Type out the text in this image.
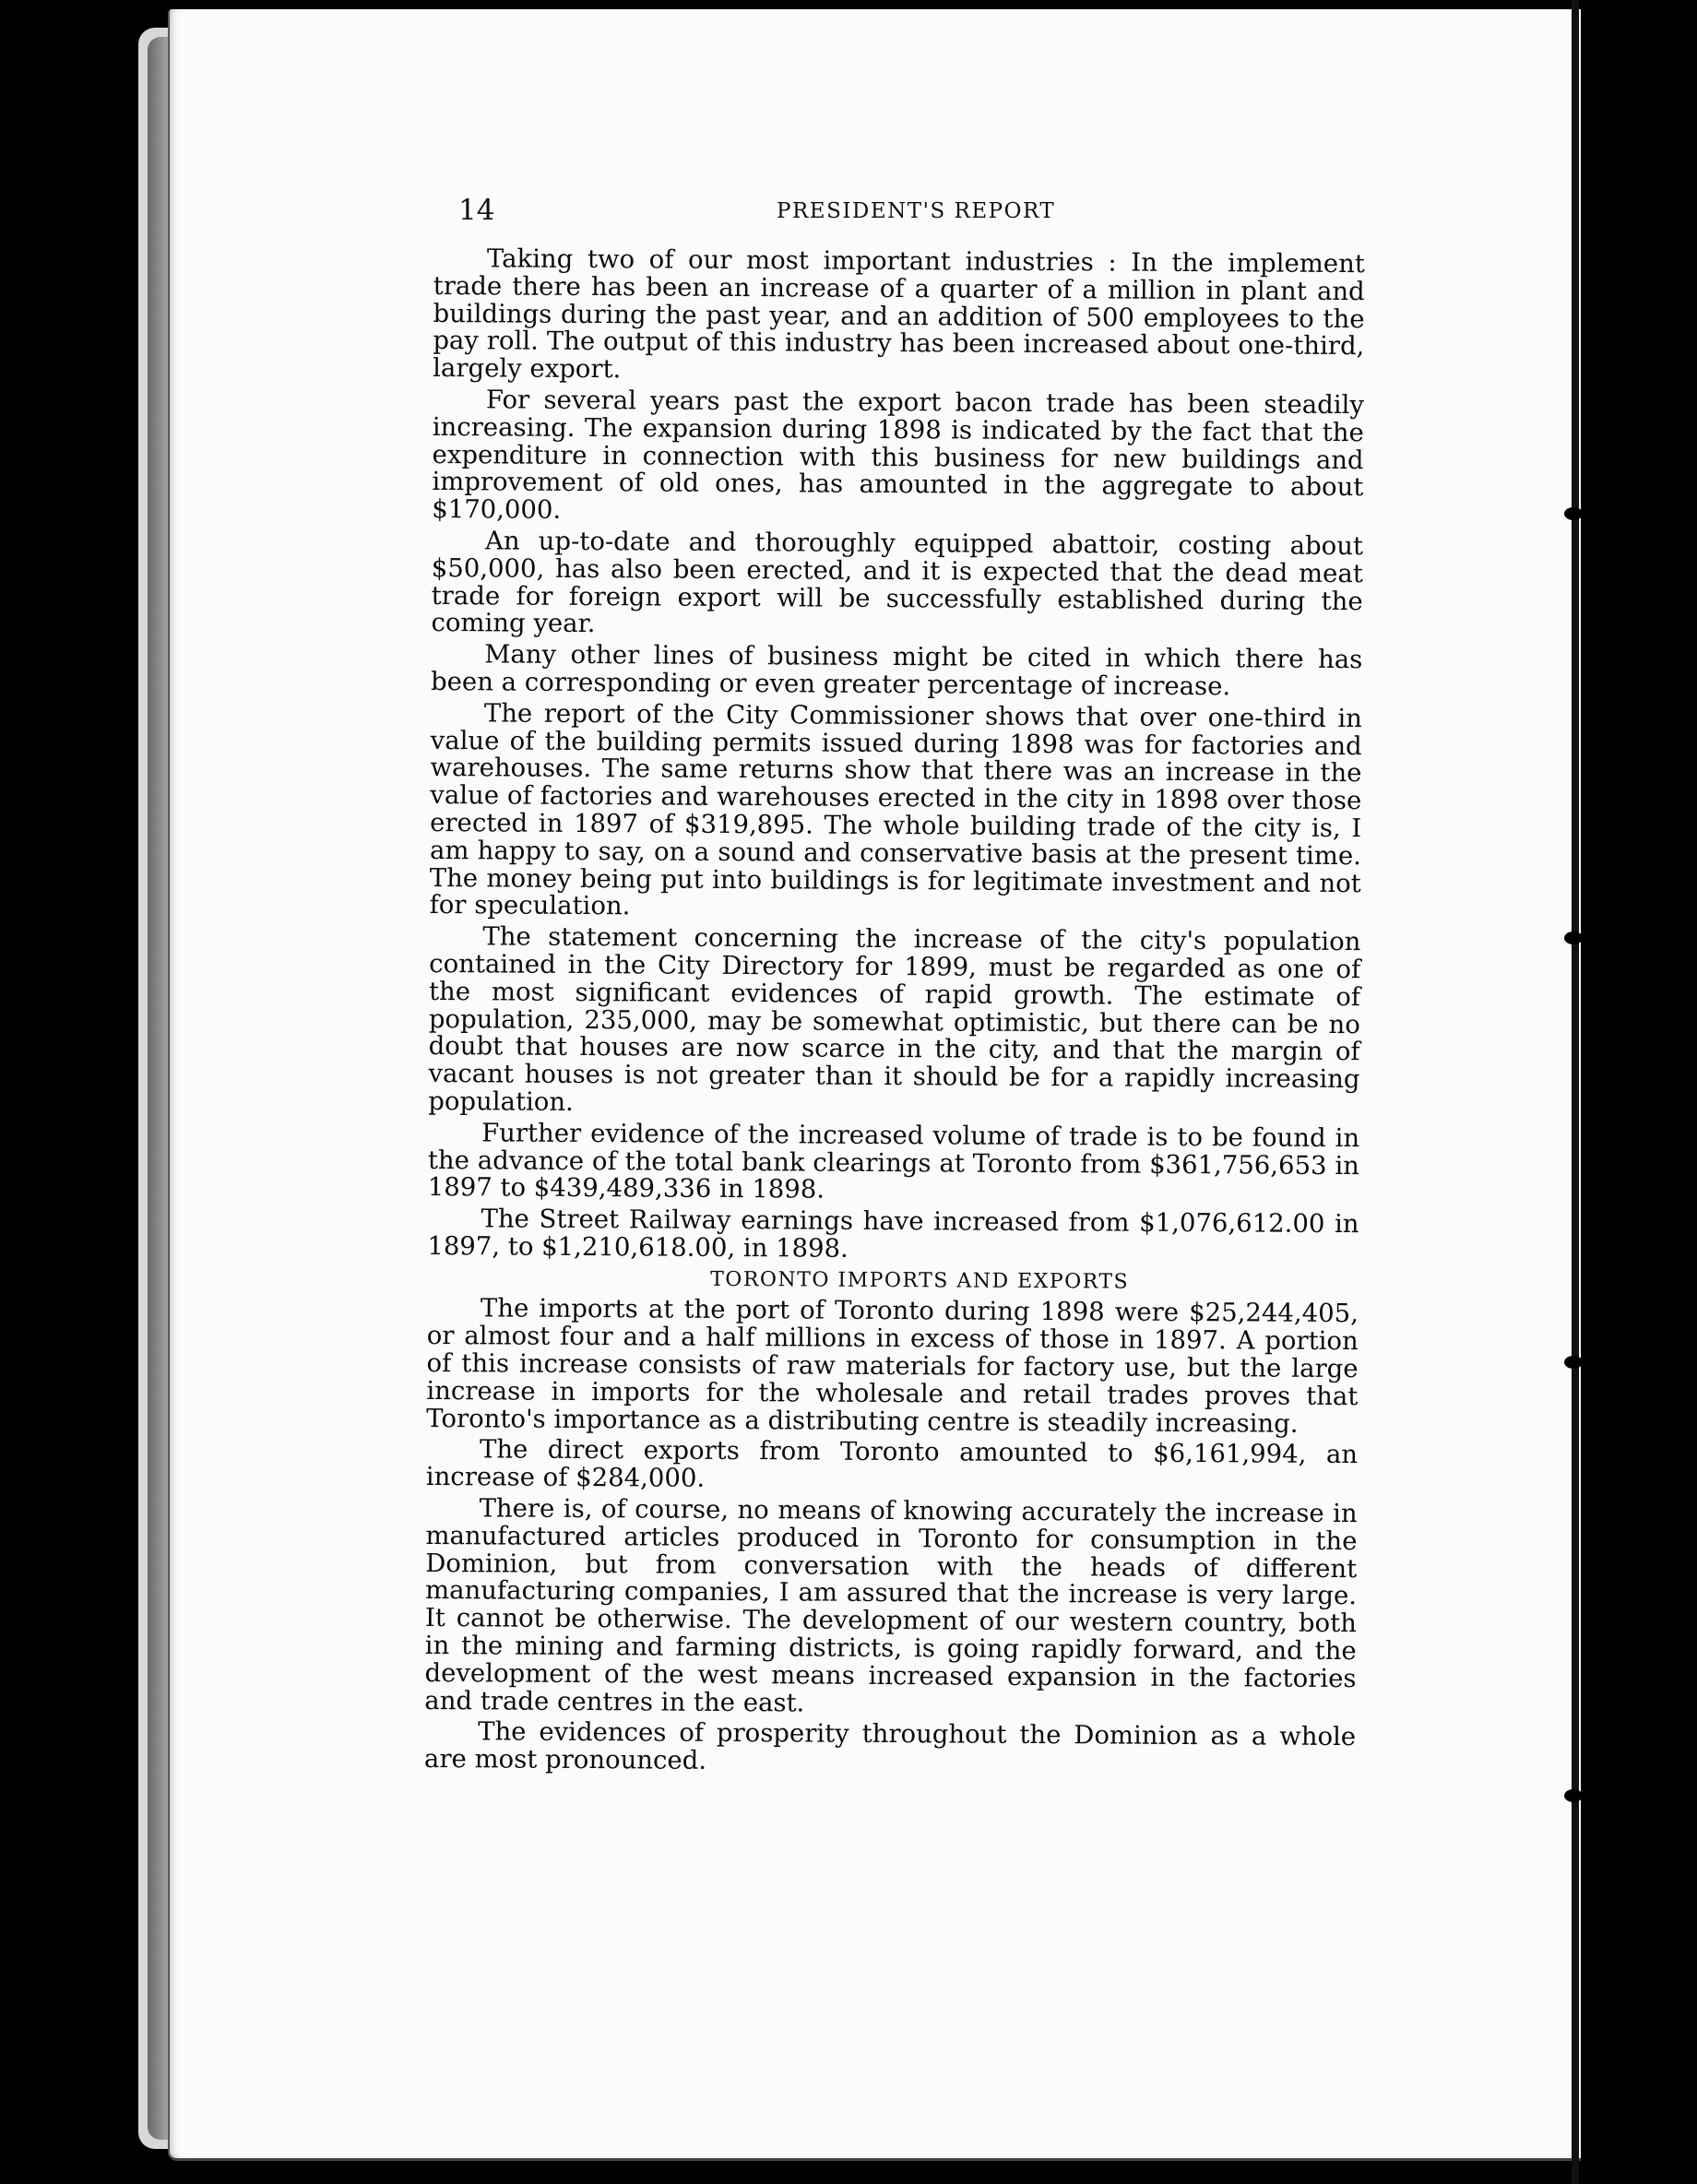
14	PRESIDENT'S REPORT

Taking two of our most important industries : In the implement trade there has been an increase of a quarter of a million in plant and buildings during the past year, and an addition of 500 employees to the pay roll. The output of this industry has been increased about one-third, largely export.

For several years past the export bacon trade has been steadily increasing. The expansion during 1898 is indicated by the fact that the expenditure in connection with this business for new buildings and improvement of old ones, has amounted in the aggregate to about $170,000.

An up-to-date and thoroughly equipped abattoir, costing about $50,000, has also been erected, and it is expected that the dead meat trade for foreign export will be successfully established during the coming year.

Many other lines of business might be cited in which there has been a corresponding or even greater percentage of increase.

The report of the City Commissioner shows that over one-third in value of the building permits issued during 1898 was for factories and warehouses. The same returns show that there was an increase in the value of factories and warehouses erected in the city in 1898 over those erected in 1897 of $319,895. The whole building trade of the city is, I am happy to say, on a sound and conservative basis at the present time. The money being put into buildings is for legitimate investment and not for speculation.

The statement concerning the increase of the city's population contained in the City Directory for 1899, must be regarded as one of the most significant evidences of rapid growth. The estimate of population, 235,000, may be somewhat optimistic, but there can be no doubt that houses are now scarce in the city, and that the margin of vacant houses is not greater than it should be for a rapidly increasing population.

Further evidence of the increased volume of trade is to be found in the advance of the total bank clearings at Toronto from $361,756,653 in 1897 to $439,489,336 in 1898.

The Street Railway earnings have increased from $1,076,612.00 in 1897, to $1,210,618.00, in 1898.

TORONTO IMPORTS AND EXPORTS

The imports at the port of Toronto during 1898 were $25,244,405, or almost four and a half millions in excess of those in 1897. A portion of this increase consists of raw materials for factory use, but the large increase in imports for the wholesale and retail trades proves that Toronto's importance as a distributing centre is steadily increasing.

The direct exports from Toronto amounted to $6,161,994, an increase of $284,000.

There is, of course, no means of knowing accurately the increase in manufactured articles produced in Toronto for consumption in the Dominion, but from conversation with the heads of different manufacturing companies, I am assured that the increase is very large. It cannot be otherwise. The development of our western country, both in the mining and farming districts, is going rapidly forward, and the development of the west means increased expansion in the factories and trade centres in the east.

The evidences of prosperity throughout the Dominion as a whole are most pronounced.
